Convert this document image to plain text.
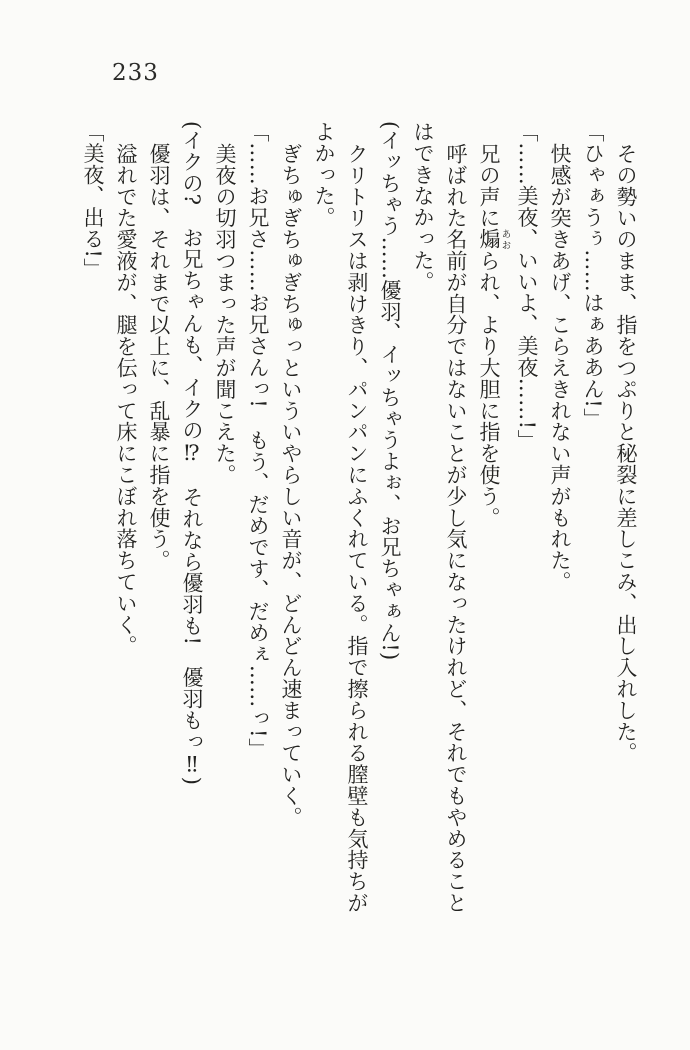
233

その勢いのまま、指をつぷりと秘裂に差しこみ、出し入れした。

「ひゃぁうぅ……はぁああん!」

快感が突きあげ、こらえきれない声がもれた。

「……美夜、いいよ、美夜……!」

兄の声に煽あおられ、より大胆に指を使う。

呼ばれた名前が自分ではないことが少し気になったけれど、それでもやめることはできなかった。

(イッちゃう……優羽、イッちゃうよぉ、お兄ちゃぁん!)

クリトリスは剥けきり、パンパンにふくれている。指で擦られる膣壁も気持ちがよかった。

ぎちゅぎちゅぎちゅっといういやらしい音が、どんどん速まっていく。

「……お兄さ……お兄さんっ!　もう、だめです、だめぇ……っ!」

美夜の切羽つまった声が聞こえた。

(イクの?　お兄ちゃんも、イクの⁉　それなら優羽も!　優羽もっ‼)

優羽は、それまで以上に、乱暴に指を使う。

溢れでた愛液が、腿を伝って床にこぼれ落ちていく。

「美夜、出る!」
